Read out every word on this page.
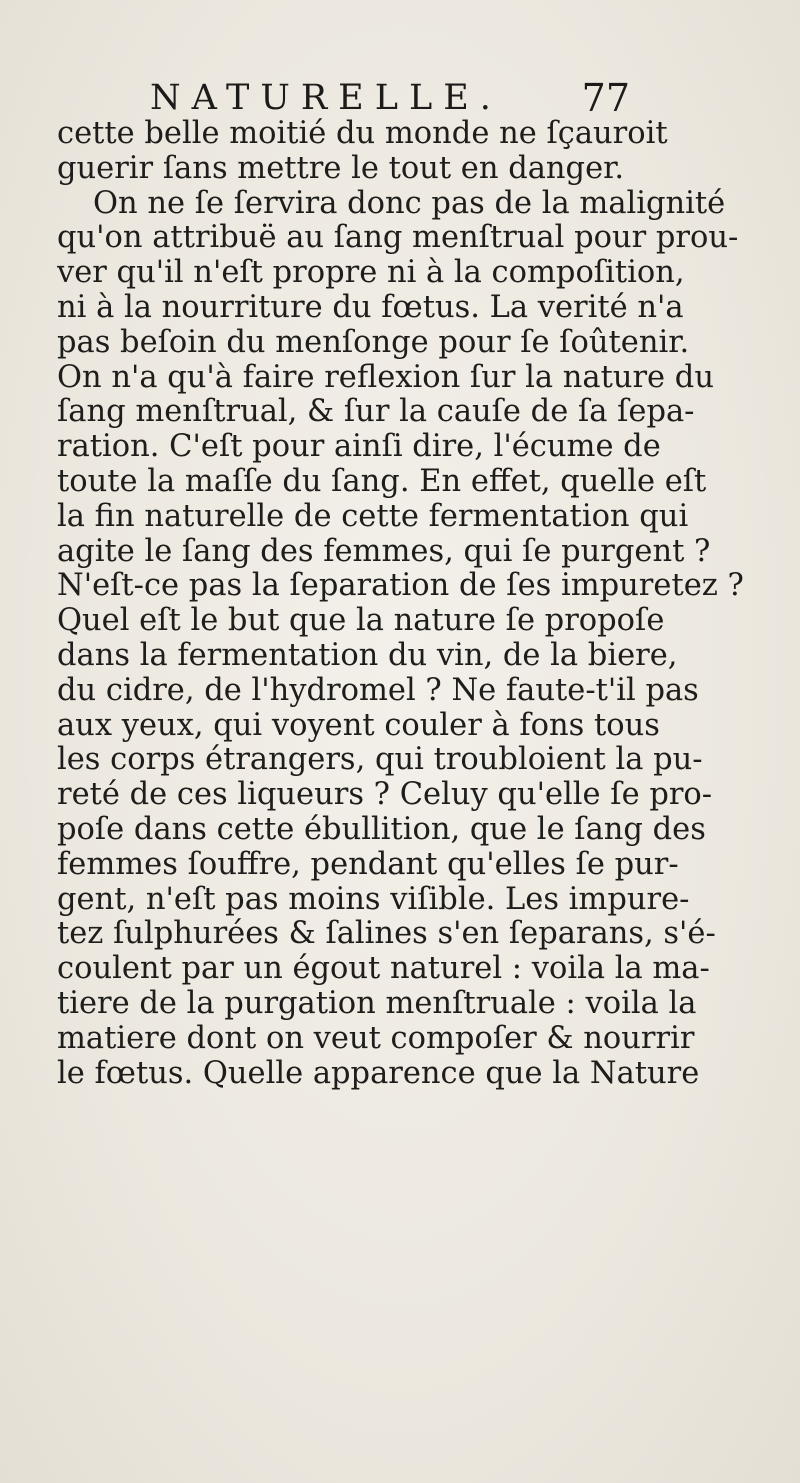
NATURELLE. 77
cette belle moitié du monde ne ſçauroit
guerir ſans mettre le tout en danger.
On ne ſe ſervira donc pas de la malignité
qu'on attribuë au ſang menſtrual pour prou-
ver qu'il n'eſt propre ni à la compoſition,
ni à la nourriture du fœtus. La verité n'a
pas beſoin du menſonge pour ſe ſoûtenir.
On n'a qu'à faire reflexion ſur la nature du
ſang menſtrual, & ſur la cauſe de ſa ſepa-
ration. C'eſt pour ainſi dire, l'écume de
toute la maſſe du ſang. En effet, quelle eſt
la fin naturelle de cette fermentation qui
agite le ſang des femmes, qui ſe purgent ?
N'eſt-ce pas la ſeparation de ſes impuretez ?
Quel eſt le but que la nature ſe propoſe
dans la fermentation du vin, de la biere,
du cidre, de l'hydromel ? Ne faute-t'il pas
aux yeux, qui voyent couler à fons tous
les corps étrangers, qui troubloient la pu-
reté de ces liqueurs ? Celuy qu'elle ſe pro-
poſe dans cette ébullition, que le ſang des
femmes ſouffre, pendant qu'elles ſe pur-
gent, n'eſt pas moins viſible. Les impure-
tez ſulphurées & ſalines s'en ſeparans, s'é-
coulent par un égout naturel : voila la ma-
tiere de la purgation menſtruale : voila la
matiere dont on veut compoſer & nourrir
le fœtus. Quelle apparence que la Nature
